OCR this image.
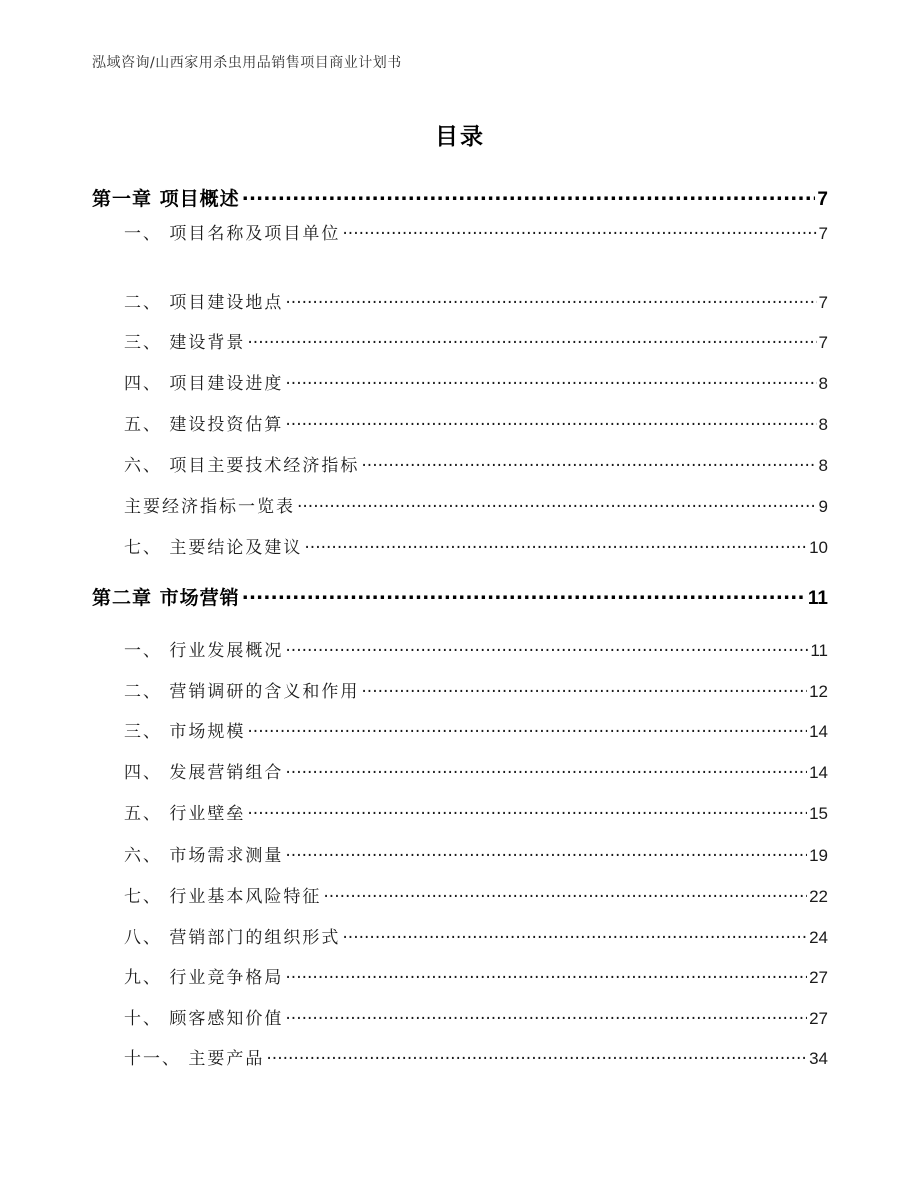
泓域咨询/山西家用杀虫用品销售项目商业计划书
目录
第一章 项目概述 .....	7
一、 项目名称及项目单位 .....	7
二、 项目建设地点 .....	7
三、 建设背景 .....	7
四、 项目建设进度 .....	8
五、 建设投资估算 .....	8
六、 项目主要技术经济指标 .....	8
主要经济指标一览表 .....	9
七、 主要结论及建议 .....	10
第二章 市场营销 .....	11
一、 行业发展概况 .....	11
二、 营销调研的含义和作用 .....	12
三、 市场规模 .....	14
四、 发展营销组合 .....	14
五、 行业壁垒 .....	15
六、 市场需求测量 .....	19
七、 行业基本风险特征 .....	22
八、 营销部门的组织形式 .....	24
九、 行业竞争格局 .....	27
十、 顾客感知价值 .....	27
十一、 主要产品 .....	34
